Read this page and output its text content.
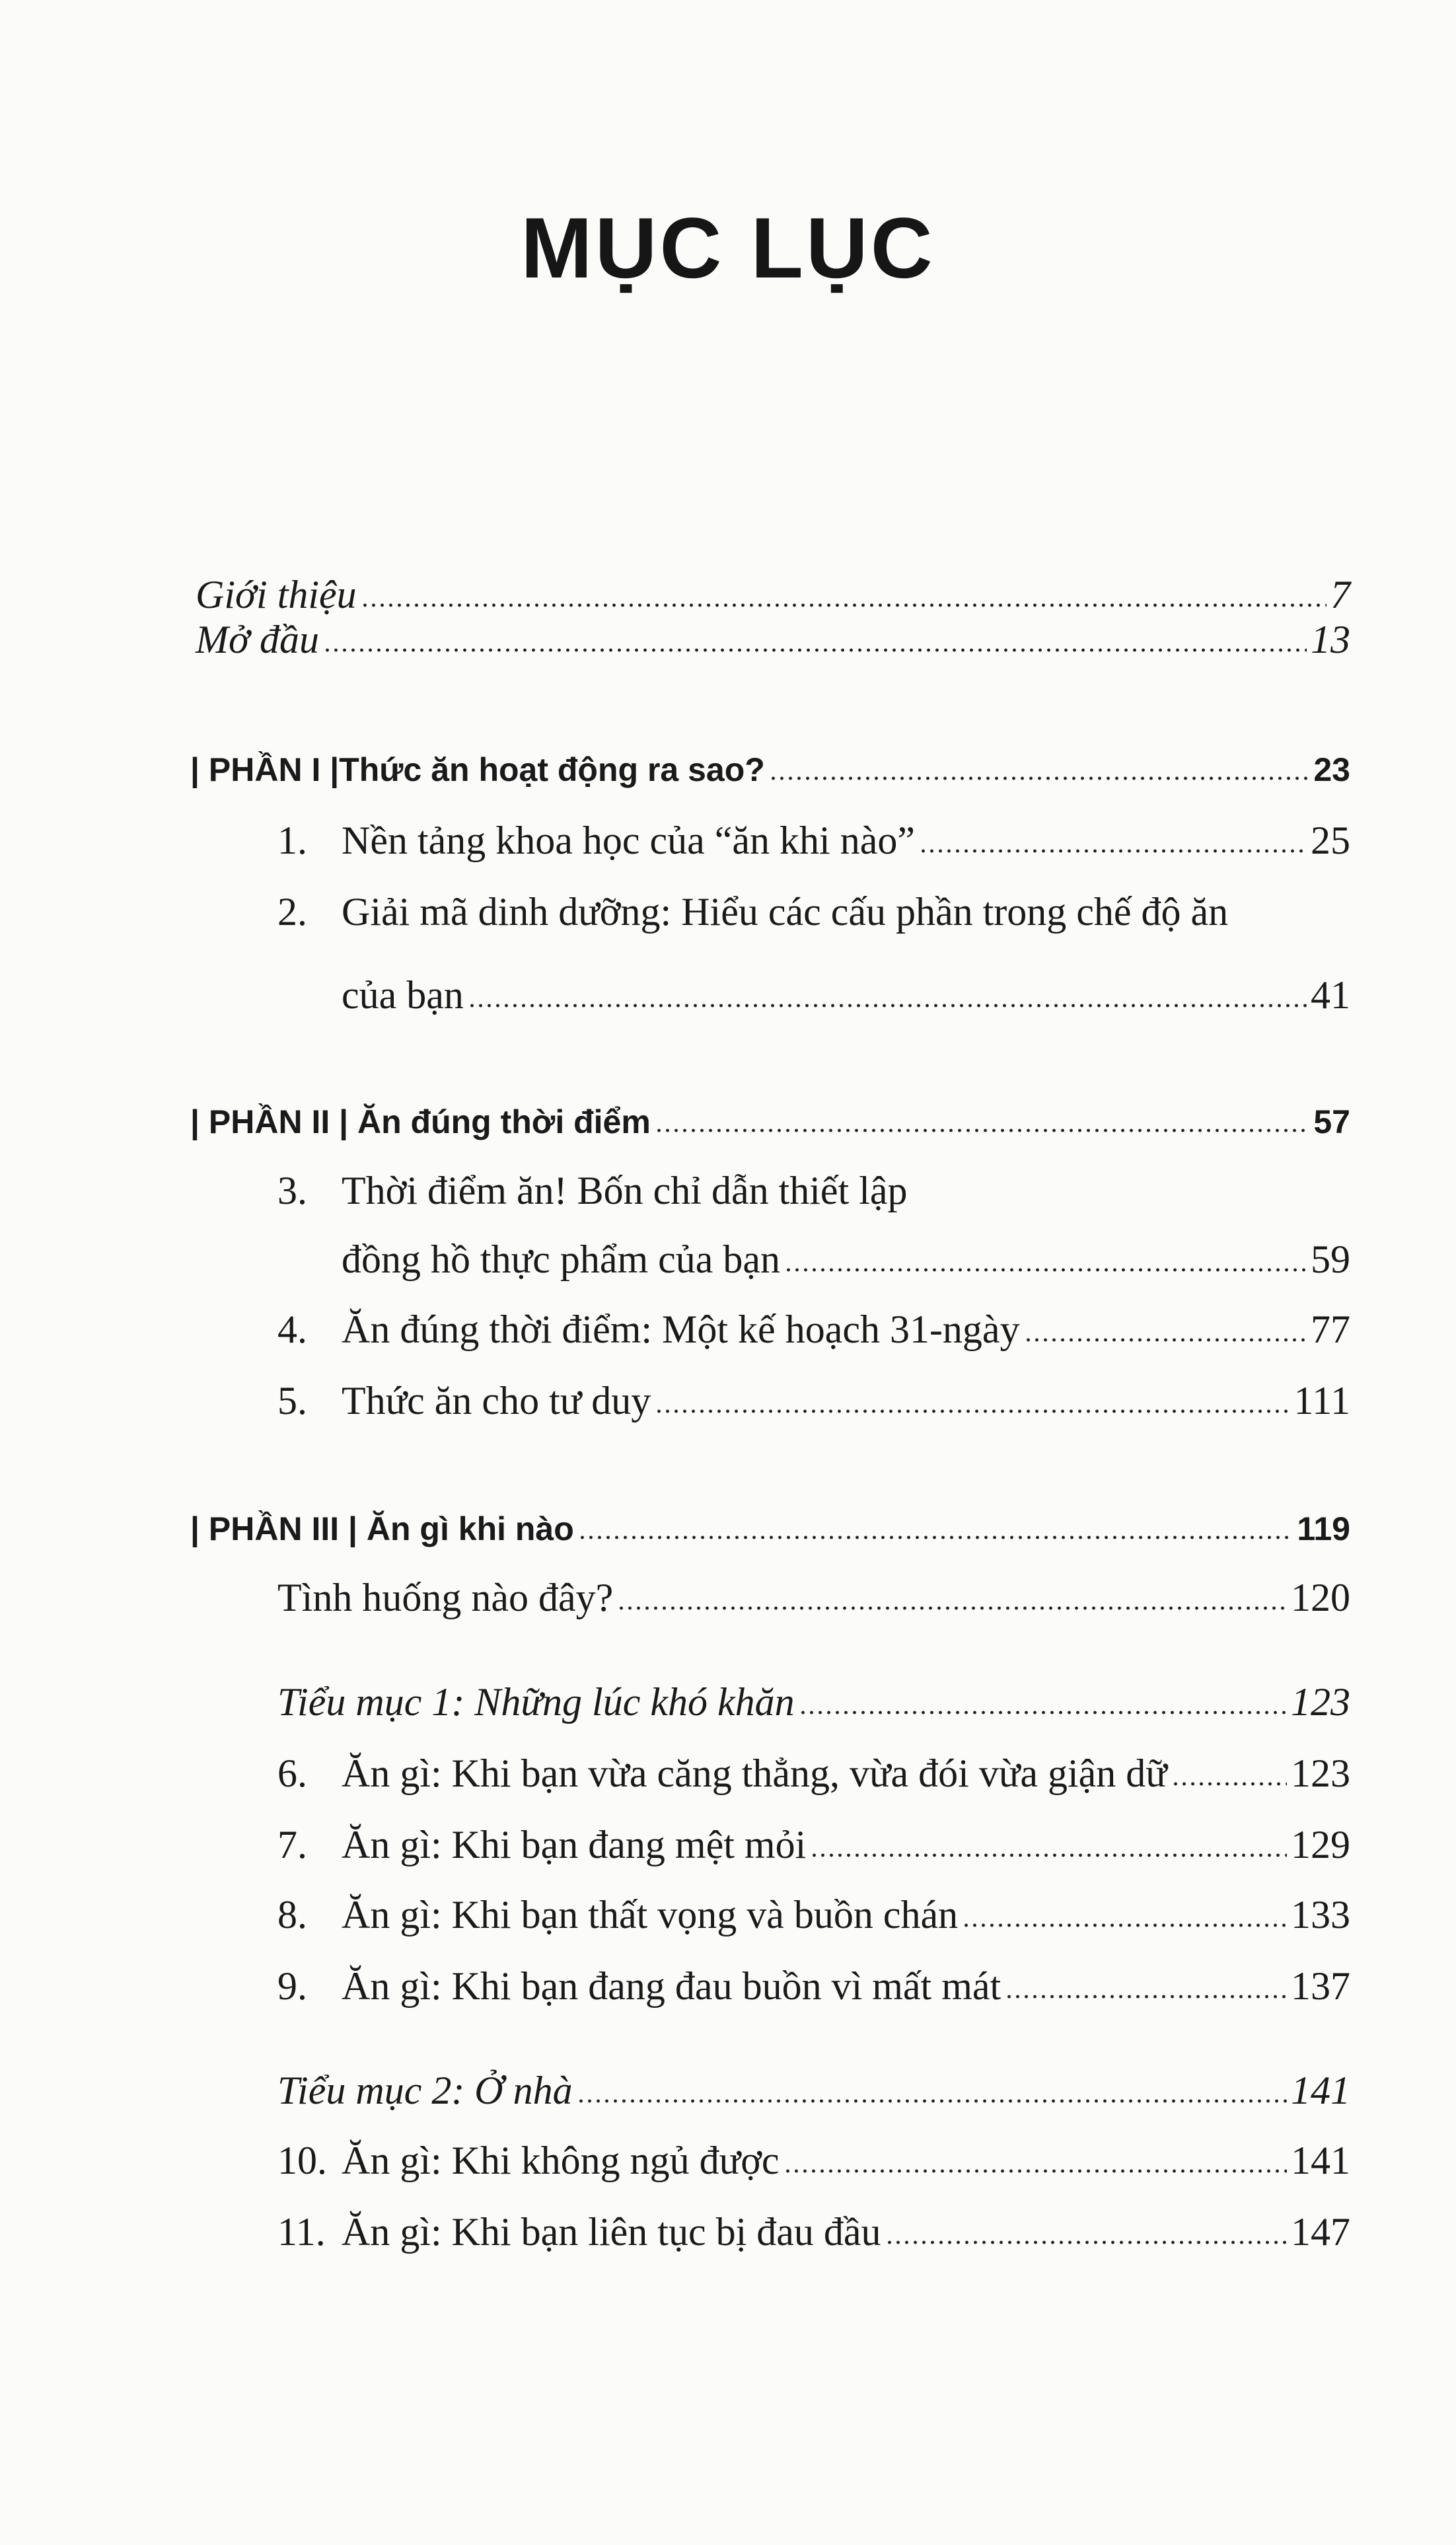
MỤC LỤC
Giới thiệu	7
Mở đầu	13
| PHẦN I |Thức ăn hoạt động ra sao?	23
1. Nền tảng khoa học của “ăn khi nào”	25
2. Giải mã dinh dưỡng: Hiểu các cấu phần trong chế độ ăn
của bạn	41
| PHẦN II | Ăn đúng thời điểm	57
3. Thời điểm ăn! Bốn chỉ dẫn thiết lập
đồng hồ thực phẩm của bạn	59
4. Ăn đúng thời điểm: Một kế hoạch 31-ngày	77
5. Thức ăn cho tư duy	111
| PHẦN III | Ăn gì khi nào	119
Tình huống nào đây?	120
Tiểu mục 1: Những lúc khó khăn	123
6. Ăn gì: Khi bạn vừa căng thẳng, vừa đói vừa giận dữ	123
7. Ăn gì: Khi bạn đang mệt mỏi	129
8. Ăn gì: Khi bạn thất vọng và buồn chán	133
9. Ăn gì: Khi bạn đang đau buồn vì mất mát	137
Tiểu mục 2: Ở nhà	141
10. Ăn gì: Khi không ngủ được	141
11. Ăn gì: Khi bạn liên tục bị đau đầu	147
